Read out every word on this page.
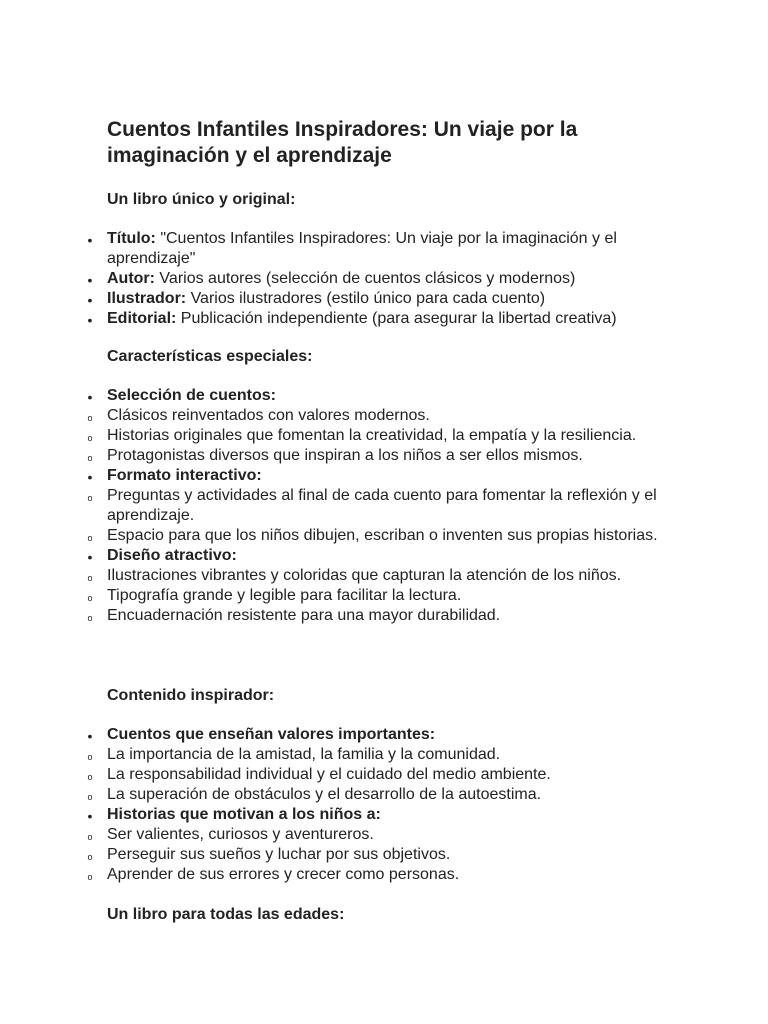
Cuentos Infantiles Inspiradores: Un viaje por la imaginación y el aprendizaje
Un libro único y original:
• Título: "Cuentos Infantiles Inspiradores: Un viaje por la imaginación y el aprendizaje"
• Autor: Varios autores (selección de cuentos clásicos y modernos)
• Ilustrador: Varios ilustradores (estilo único para cada cuento)
• Editorial: Publicación independiente (para asegurar la libertad creativa)
Características especiales:
• Selección de cuentos:
o Clásicos reinventados con valores modernos.
o Historias originales que fomentan la creatividad, la empatía y la resiliencia.
o Protagonistas diversos que inspiran a los niños a ser ellos mismos.
• Formato interactivo:
o Preguntas y actividades al final de cada cuento para fomentar la reflexión y el aprendizaje.
o Espacio para que los niños dibujen, escriban o inventen sus propias historias.
• Diseño atractivo:
o Ilustraciones vibrantes y coloridas que capturan la atención de los niños.
o Tipografía grande y legible para facilitar la lectura.
o Encuadernación resistente para una mayor durabilidad.
Contenido inspirador:
• Cuentos que enseñan valores importantes:
o La importancia de la amistad, la familia y la comunidad.
o La responsabilidad individual y el cuidado del medio ambiente.
o La superación de obstáculos y el desarrollo de la autoestima.
• Historias que motivan a los niños a:
o Ser valientes, curiosos y aventureros.
o Perseguir sus sueños y luchar por sus objetivos.
o Aprender de sus errores y crecer como personas.
Un libro para todas las edades:
